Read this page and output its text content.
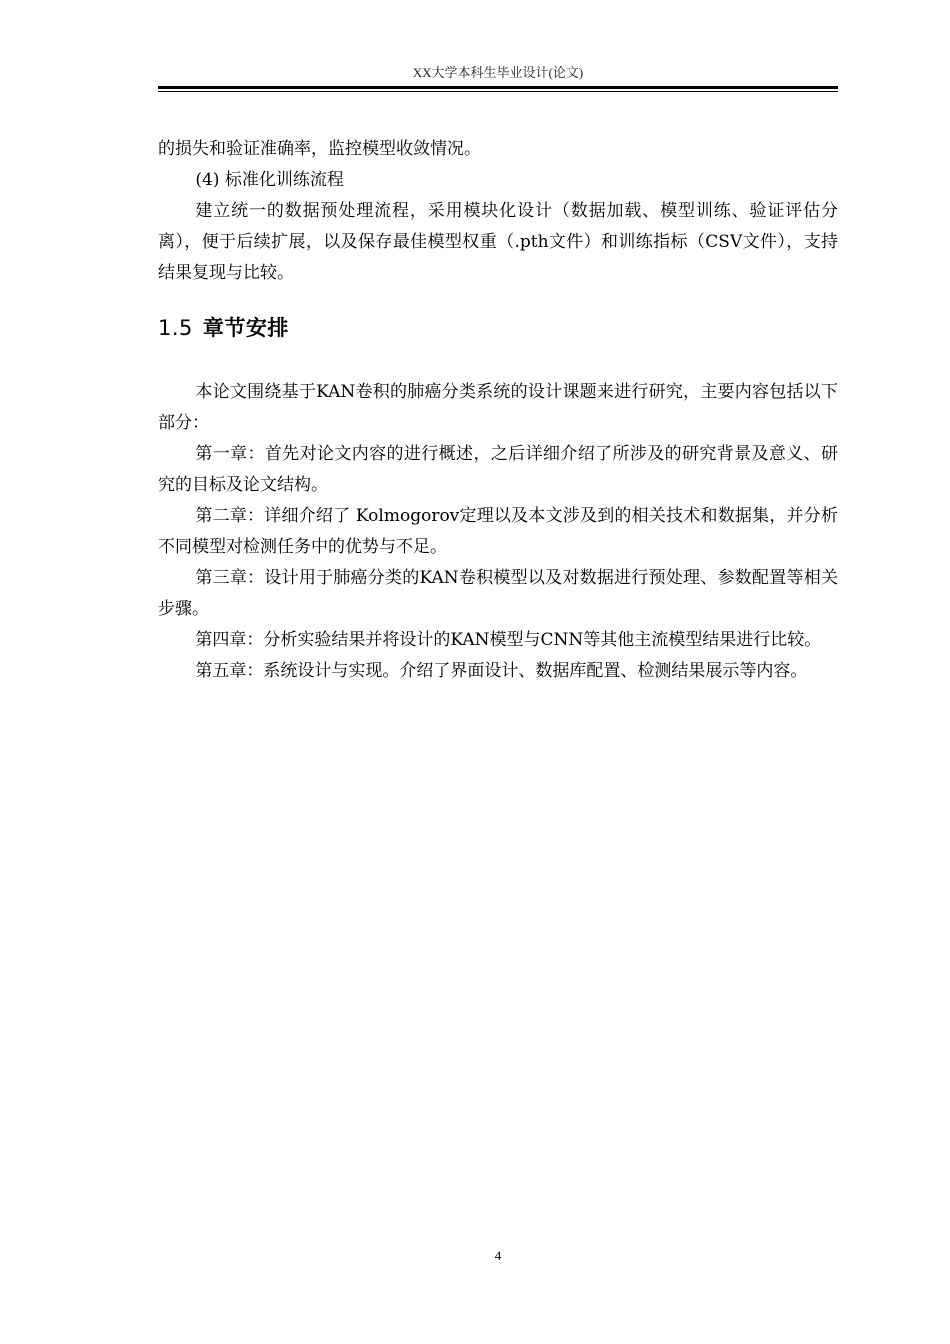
XX大学本科生毕业设计(论文)

的损失和验证准确率，监控模型收敛情况。

(4) 标准化训练流程

建立统一的数据预处理流程，采用模块化设计（数据加载、模型训练、验证评估分离），便于后续扩展，以及保存最佳模型权重（.pth文件）和训练指标（CSV文件），支持结果复现与比较。

1.5 章节安排

本论文围绕基于KAN卷积的肺癌分类系统的设计课题来进行研究，主要内容包括以下部分：

第一章：首先对论文内容的进行概述，之后详细介绍了所涉及的研究背景及意义、研究的目标及论文结构。

第二章：详细介绍了 Kolmogorov定理以及本文涉及到的相关技术和数据集，并分析不同模型对检测任务中的优势与不足。

第三章：设计用于肺癌分类的KAN卷积模型以及对数据进行预处理、参数配置等相关步骤。

第四章：分析实验结果并将设计的KAN模型与CNN等其他主流模型结果进行比较。

第五章：系统设计与实现。介绍了界面设计、数据库配置、检测结果展示等内容。

4
